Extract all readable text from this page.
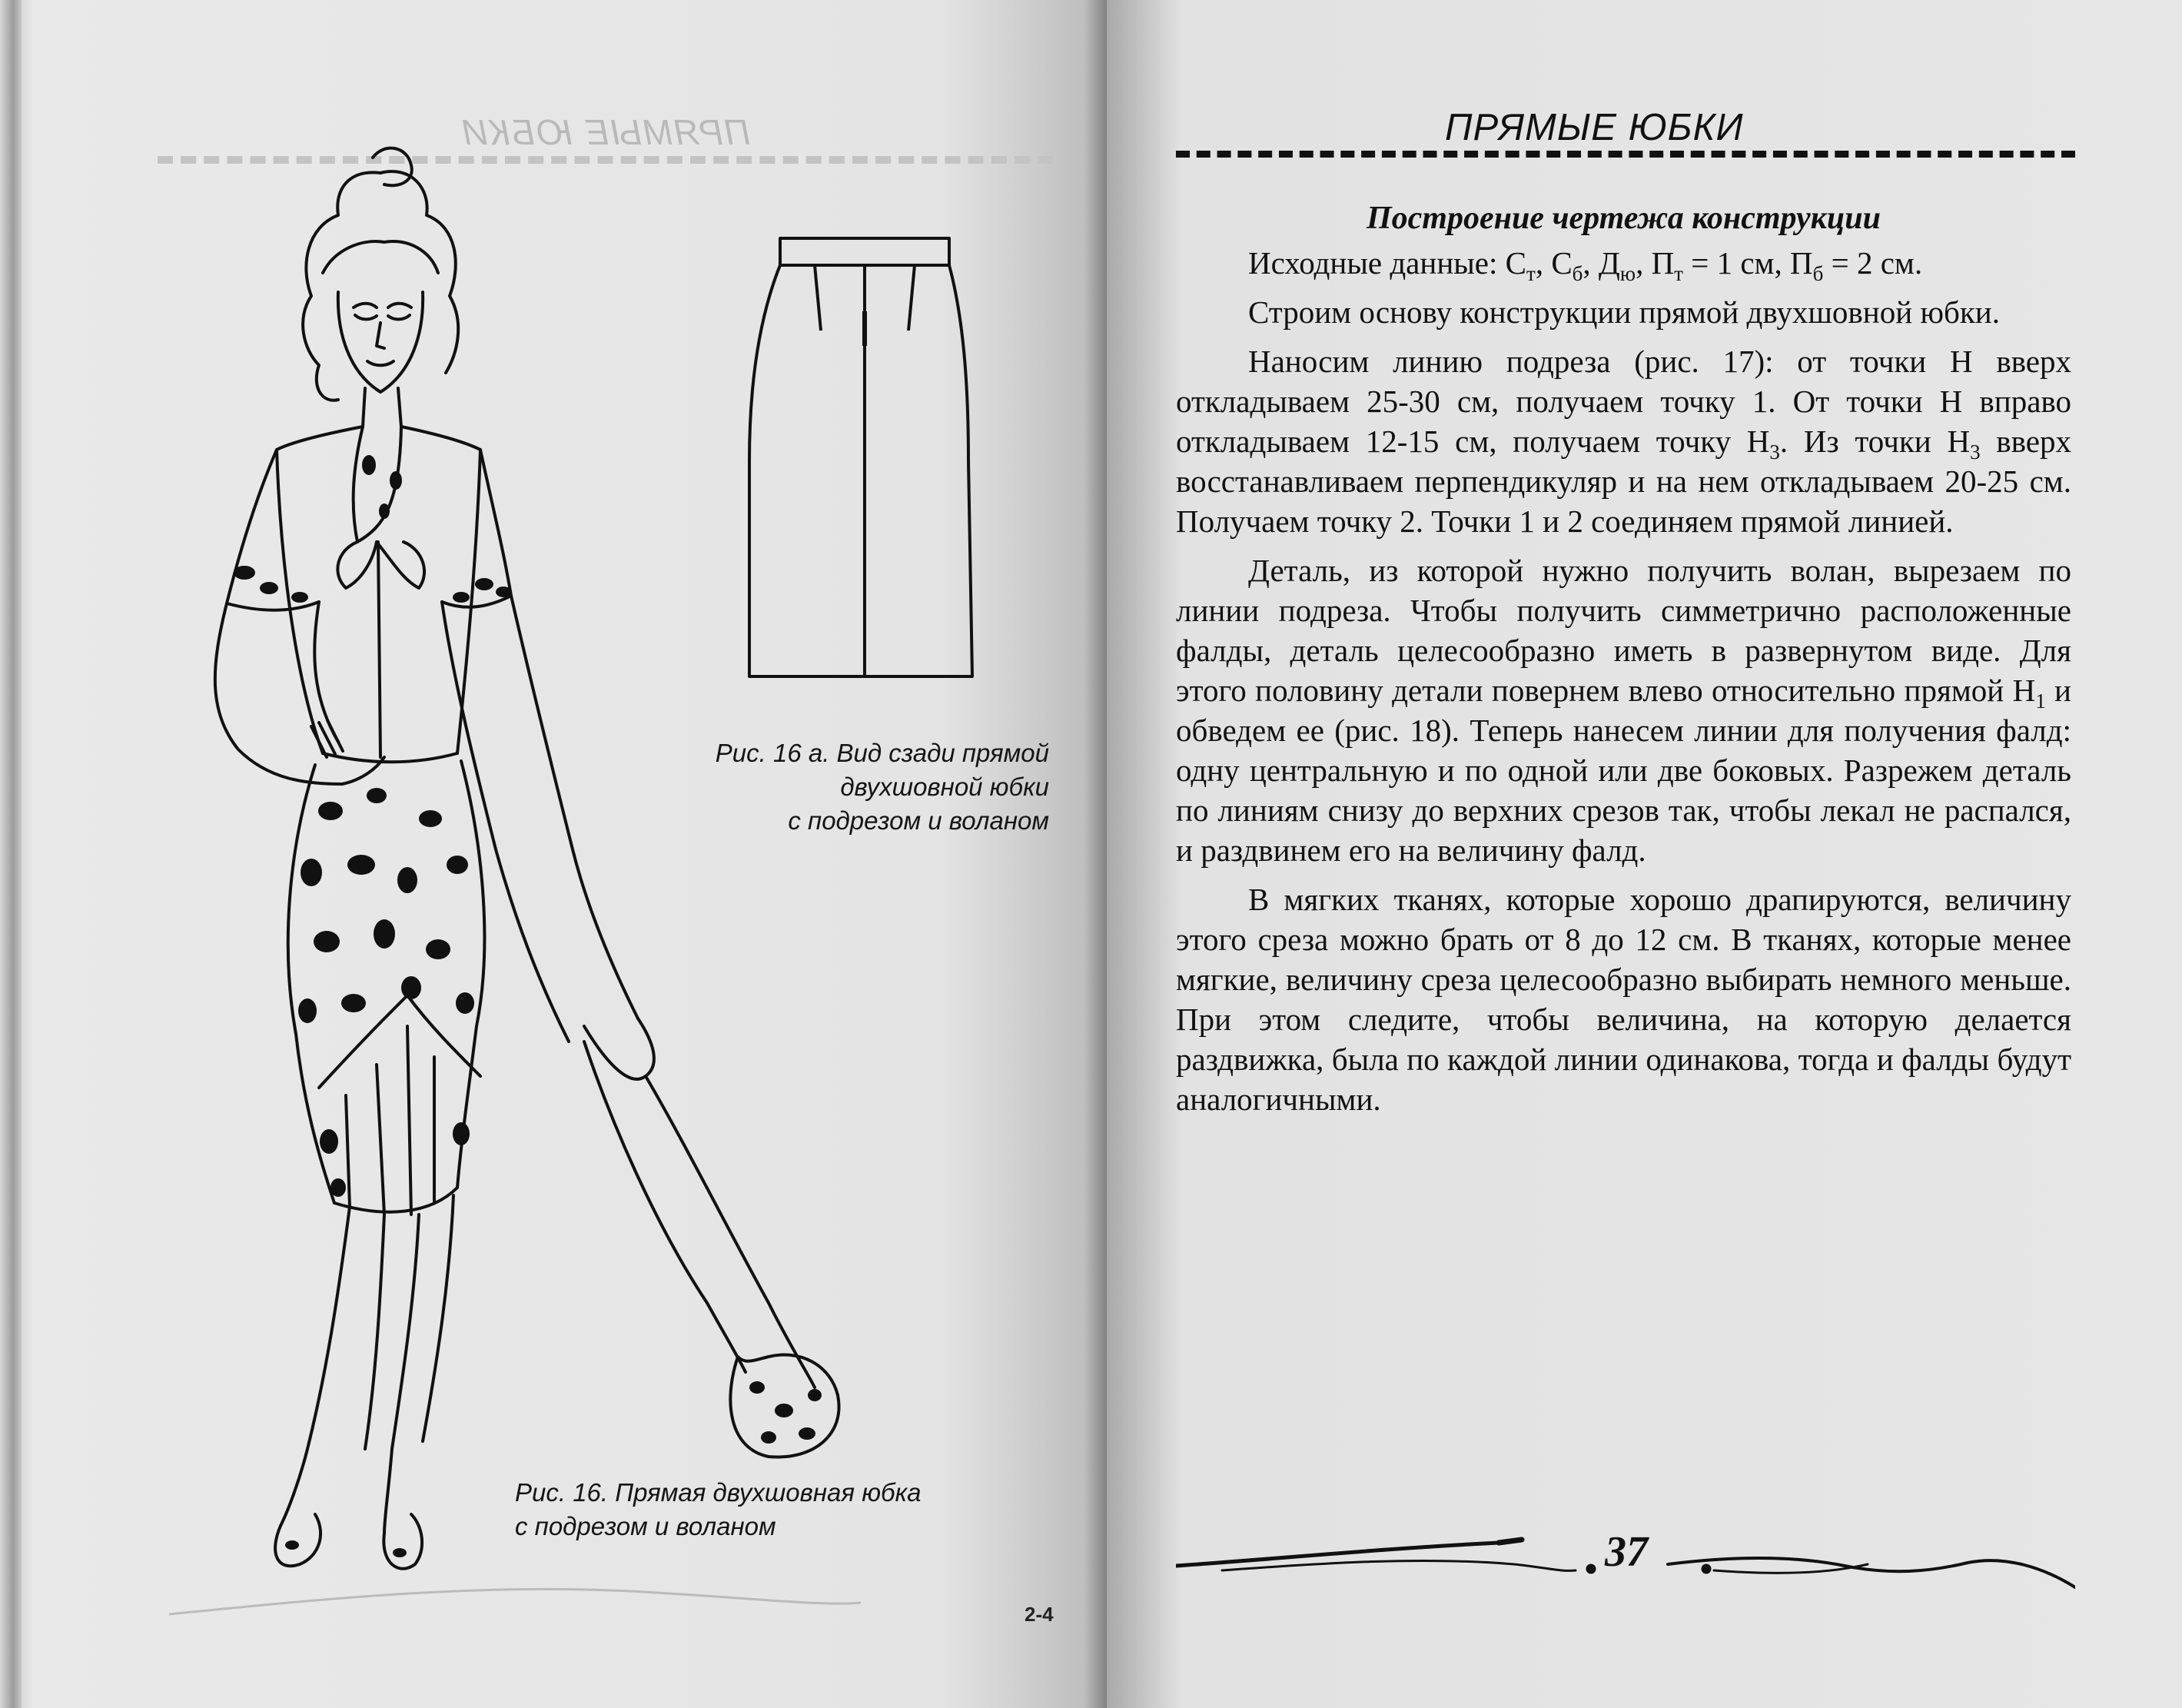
ПРЯМЫЕ ЮБКИ
Рис. 16 а. Вид сзади прямой
двухшовной юбки
с подрезом и воланом
Рис. 16. Прямая двухшовная юбка
с подрезом и воланом
2-4
ПРЯМЫЕ ЮБКИ
Построение чертежа конструкции

Исходные данные: $С_т$, $С_б$, $Д_ю$, $П_т = 1$ см, $П_б = 2$ см.

Строим основу конструкции прямой двухшовной юбки.

Наносим линию подреза (рис. 17): от точки Н вверх откладываем 25-30 см, получаем точку 1. От точки Н вправо откладываем 12-15 см, получаем точку $Н_3$. Из точки $Н_3$ вверх восстанавливаем перпендикуляр и на нем откладываем 20-25 см. Получаем точку 2. Точки 1 и 2 соединяем прямой линией.

Деталь, из которой нужно получить волан, вырезаем по линии подреза. Чтобы получить симметрично расположенные фалды, деталь целесообразно иметь в развернутом виде. Для этого половину детали повернем влево относительно прямой $Н_1$ и обведем ее (рис. 18). Теперь нанесем линии для получения фалд: одну центральную и по одной или две боковых. Разрежем деталь по линиям снизу до верхних срезов так, чтобы лекал не распался, и раздвинем его на величину фалд.

В мягких тканях, которые хорошо драпируются, величину этого среза можно брать от 8 до 12 см. В тканях, которые менее мягкие, величину среза целесообразно выбирать немного меньше. При этом следите, чтобы величина, на которую делается раздвижка, была по каждой линии одинакова, тогда и фалды будут аналогичными.

37
